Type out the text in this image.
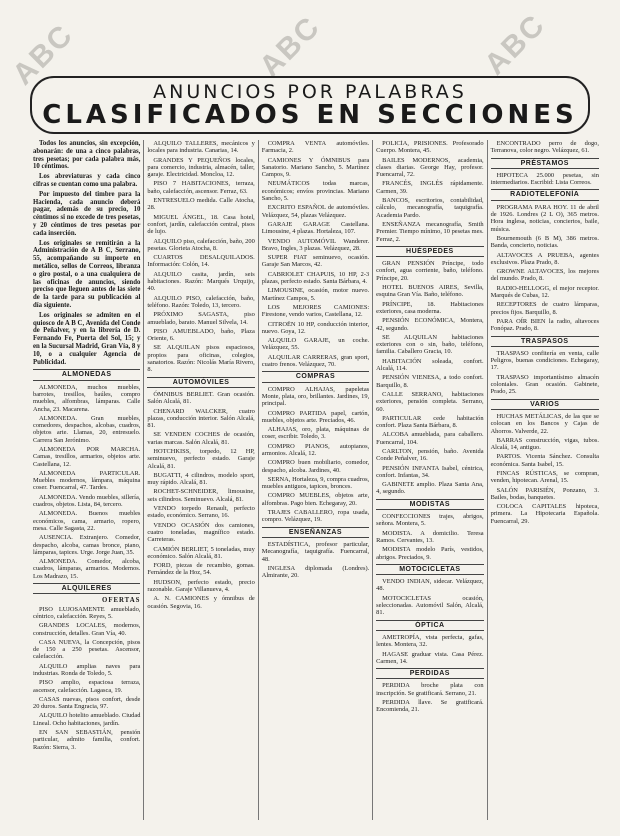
ABC	ABC	ABC
ANUNCIOS POR PALABRAS
CLASIFICADOS EN SECCIONES
Todos los anuncios, sin excepción, abonarán: de una a cinco palabras, tres pesetas; por cada palabra más, 10 céntimos.
Los abreviaturas y cada cinco cifras se cuentan como una palabra.
Por impuesto del timbre para la Hacienda, cada anuncio deberá pagar, además de su precio, 10 céntimos si no excede de tres pesetas, y 20 céntimos de tres pesetas por cada inserción.
Los originales se remitirán a la Administración de A B C, Serrano, 55, acompañando su importe en metálico, sellos de Correos, libranza o giro postal, o a una cualquiera de las oficinas de anuncios, siendo preciso que lleguen antes de las siete de la tarde para su publicación al día siguiente.
Los originales se admiten en el quiosco de A B C, Avenida del Conde de Peñalver, y en la librería de D. Fernando Fe, Puerta del Sol, 15; y en la Sucursal Madrid, Gran Vía, 8 y 10, o a cualquier Agencia de Publicidad.
ALMONEDAS
ALMONEDA, muchos muebles, barrotes, tresillos, baúles, compro muebles, alfombras, lámparas. Calle Ancha, 23. Macarena.
ALMONEDA. Gran muebles, comedores, despachos, alcobas, cuadros, objetos arte. Llamas, 20, entresuelo. Carrera San Jerónimo.
ALMONEDA POR MARCHA. Camas, tresillos, armarios, objetos arte. Castellana, 12.
ALMONEDA PARTICULAR. Muebles modernos, lámpara, máquina coser. Fuencarral, 47. Tardes.
ALMONEDA. Vendo muebles, sillería, cuadros, objetos. Lista, 84, tercero.
ALMONEDA. Buenos muebles económicos, cama, armario, ropero, mesa. Calle Sagasta, 22.
AUSENCIA. Extranjero. Comedor, despacho, alcoba, camas bronce, piano, lámparas, tapices. Urge. Jorge Juan, 35.
ALMONEDA. Comedor, alcoba, cuadros, lámparas, armarios. Modernos. Los Madrazo, 15.
ALQUILERES
OFERTAS
PISO LUJOSAMENTE amueblado, céntrico, calefacción. Reyes, 5.
GRANDES LOCALES, modernos, construcción, detalles. Gran Vía, 40.
CASA NUEVA, la Concepción, pisos de 150 a 250 pesetas. Ascensor, calefacción.
ALQUILO amplias naves para industrias. Ronda de Toledo, 5.
PISO amplio, espaciosa terraza, ascensor, calefacción. Lagasca, 19.
CASAS nuevas, pisos confort, desde 20 duros. Santa Engracia, 97.
ALQUILO hotelito amueblado. Ciudad Lineal. Ocho habitaciones, jardín.
EN SAN SEBASTIÁN, pensión particular, admito familia, confort. Razón: Sierra, 3.
ALQUILO TALLERES, mecánicos y locales para industria. Canarias, 14.
GRANDES Y PEQUEÑOS locales, para comercio, industria, almacén, taller, garaje. Electricidad. Moncloa, 12.
PISO 7 HABITACIONES, terraza, baño, calefacción, ascensor. Ferraz, 63.
ENTRESUELO medida. Calle Atocha, 28.
MIGUEL ÁNGEL, 18. Casa hotel, confort, jardín, calefacción central, pisos de lujo.
ALQUILO piso, calefacción, baño, 200 pesetas. Glorieta Atocha, 8.
CUARTOS DESALQUILADOS. Información: Colón, 14.
ALQUILO casita, jardín, seis habitaciones. Razón: Marqués Urquijo, 40.
ALQUILO PISO, calefacción, baño, teléfono. Razón: Toledo, 13, tercero.
PRÓXIMO SAGASTA, piso amueblado, barato. Manuel Silvela, 14.
PISO AMUEBLADO, baño, Plaza Oriente, 6.
SE ALQUILAN pisos espaciosos, propios para oficinas, colegios, sanatorios. Razón: Nicolás María Rivero, 8.
AUTOMÓVILES
ÓMNIBUS BERLIET. Gran ocasión. Salón Alcalá, 81.
CHENARD WALCKER, cuatro plazas, conducción interior. Salón Alcalá, 81.
SE VENDEN COCHES de ocasión, varias marcas. Salón Alcalá, 81.
HOTCHKISS, torpedo, 12 HP, seminuevo, perfecto estado. Garaje Alcalá, 81.
BUGATTI, 4 cilindros, modelo sport, muy rápido. Alcalá, 81.
ROCHET-SCHNEIDER, limousine, seis cilindros. Seminuevo. Alcalá, 81.
VENDO torpedo Renault, perfecto estado, económico. Serrano, 16.
VENDO OCASIÓN dos camiones, cuatro toneladas, magnífico estado. Carreteras.
CAMIÓN BERLIET, 5 toneladas, muy económico. Salón Alcalá, 81.
FORD, piezas de recambio, gomas. Fernández de la Hoz, 54.
HUDSON, perfecto estado, precio razonable. Garaje Villanueva, 4.
A. N. CAMIONES y ómnibus de ocasión. Segovia, 16.
COMPRA VENTA automóviles. Farmacia, 2.
CAMIONES Y ÓMNIBUS para Sanatorio. Mariano Sancho, 5. Martínez Campos, 9.
NEUMÁTICOS todas marcas, económicos; envíos provincias. Mariano Sancho, 5.
EXCRITO ESPAÑOL de automóviles. Velázquez, 54, plazas Velázquez.
GARAJE GARAGE Castellana. Limousine, 4 plazas. Hortaleza, 107.
VENDO AUTOMÓVIL Wanderer. Bravo, Ingles, 3 plazas. Velázquez, 28.
SUPER FIAT seminuevo, ocasión. Garaje San Marcos, 42.
CABRIOLET CHAPUIS, 10 HP, 2-3 plazas, perfecto estado. Santa Bárbara, 4.
LIMOUSINE, ocasión, motor nuevo. Martínez Campos, 5.
LOS MEJORES CAMIONES: Firestone, vendo varios, Castellana, 12.
CITROËN 10 HP, conducción interior, nuevo. Goya, 12.
ALQUILO GARAJE, un coche. Velázquez, 55.
ALQUILAR CARRERAS, gran sport, cuatro frenos. Velázquez, 70.
COMPRAS
COMPRO ALHAJAS, papeletas Monte, plata, oro, brillantes. Jardines, 19, principal.
COMPRO PARTIDA papel, cartón, muebles, objetos arte. Preciados, 46.
ALHAJAS, oro, plata, máquinas de coser, escribir. Toledo, 3.
COMPRO PIANOS, autopianos, armonios. Alcalá, 12.
COMPRO buen mobiliario, comedor, despacho, alcoba. Jardines, 40.
SERNA, Hortaleza, 9, compra cuadros, muebles antiguos, tapices, bronces.
COMPRO MUEBLES, objetos arte, alfombras. Pago bien. Echegaray, 20.
TRAJES CABALLERO, ropa usada, compro. Velázquez, 19.
ENSEÑANZAS
ESTADÍSTICA, profesor particular, Mecanografía, taquigrafía. Fuencarral, 48.
INGLESA diplomada (Londres). Almirante, 20.
POLICÍA, PRISIONES. Profesorado Cuerpo. Montera, 45.
BAILES MODERNOS, academia, clases diarias. George Hay, profesor. Fuencarral, 72.
FRANCÉS, INGLÉS rápidamente. Carmen, 39.
BANCOS, escritorios, contabilidad, cálculo, mecanografía, taquigrafía. Academia Pardo.
ENSEÑANZA mecanografía, Smith Premier. Tiempo mínimo, 10 pesetas mes. Ferraz, 2.
HUÉSPEDES
GRAN PENSIÓN Príncipe, todo confort, agua corriente, baño, teléfono. Príncipe, 20.
HOTEL BUENOS AIRES, Sevilla, esquina Gran Vía. Baño, teléfono.
PRÍNCIPE, 18. Habitaciones exteriores, casa moderna.
PENSIÓN ECONÓMICA, Montera, 42, segundo.
SE ALQUILAN habitaciones exteriores con o sin, baño, teléfono, familia. Caballero Gracia, 10.
HABITACIÓN soleada, confort. Alcalá, 114.
PENSIÓN VIENESA, a todo confort. Barquillo, 8.
CALLE SERRANO, habitaciones exteriores, pensión completa. Serrano, 60.
PARTICULAR cede habitación confort. Plaza Santa Bárbara, 8.
ALCOBA amueblada, para caballero. Fuencarral, 104.
CARLTON, pensión, baño. Avenida Conde Peñalver, 16.
PENSIÓN INFANTA Isabel, céntrica, confort. Infantas, 34.
GABINETE amplio. Plaza Santa Ana, 4, segundo.
MODISTAS
CONFECCIONES trajes, abrigos, señora. Montera, 5.
MODISTA. A domicilio. Teresa Ramos. Cervantes, 13.
MODISTA modelo París, vestidos, abrigos. Preciados, 9.
MOTOCICLETAS
VENDO INDIAN, sidecar. Velázquez, 48.
MOTOCICLETAS ocasión, seleccionadas. Automóvil Salón, Alcalá, 81.
ÓPTICA
AMETROPÍA, vista perfecta, gafas, lentes. Montera, 32.
HAGASE graduar vista. Casa Pérez. Carmen, 14.
PERDIDAS
PERDIDA broche plata con inscripción. Se gratificará. Serrano, 21.
PERDIDA llave. Se gratificará. Encomienda, 21.
ENCONTRADO perro de dogo, Terranova, color negro. Velázquez, 61.
PRÉSTAMOS
HIPOTECA 25.000 pesetas, sin intermediarios. Escribid: Lista Correos.
RADIOTELEFONÍA
PROGRAMA PARA HOY. 11 de abril de 1926. Londres (2 L O), 365 metros. Hora inglesa, noticias, conciertos, baile, música.
Bournemouth (6 B M), 386 metros. Banda, concierto, noticias.
ALTAVOCES A PRUEBA, agentes exclusivos. Plaza Prado, 8.
GROWNE ALTAVOCES, los mejores del mundo. Prado, 8.
RADIO-HELLOGG, el mejor receptor. Marqués de Cubas, 12.
RECEPTORES de cuatro lámparas, precios fijos. Barquillo, 8.
PARA OÍR BIEN la radio, altavoces Fonópaz. Prado, 8.
TRASPASOS
TRASPASO confitería en venta, calle Peligros, buenas condiciones. Echegaray, 17.
TRASPASO importantísimo almacén coloniales. Gran ocasión. Gabinete, Prado, 25.
VARIOS
HUCHAS METÁLICAS, de las que se colocan en los Bancos y Cajas de Ahorros. Valverde, 22.
BARRAS construcción, vigas, tubos. Alcalá, 14, antiguo.
PARTOS. Vicenta Sánchez. Consulta económica. Santa Isabel, 15.
FINCAS RÚSTICAS, se compran, venden, hipotecan. Arenal, 15.
SALÓN PARISIÉN, Ponzano, 3. Bailes, bodas, banquetes.
COLOCA CAPITALES hipoteca, primera. La Hipotecaria Española. Fuencarral, 29.
